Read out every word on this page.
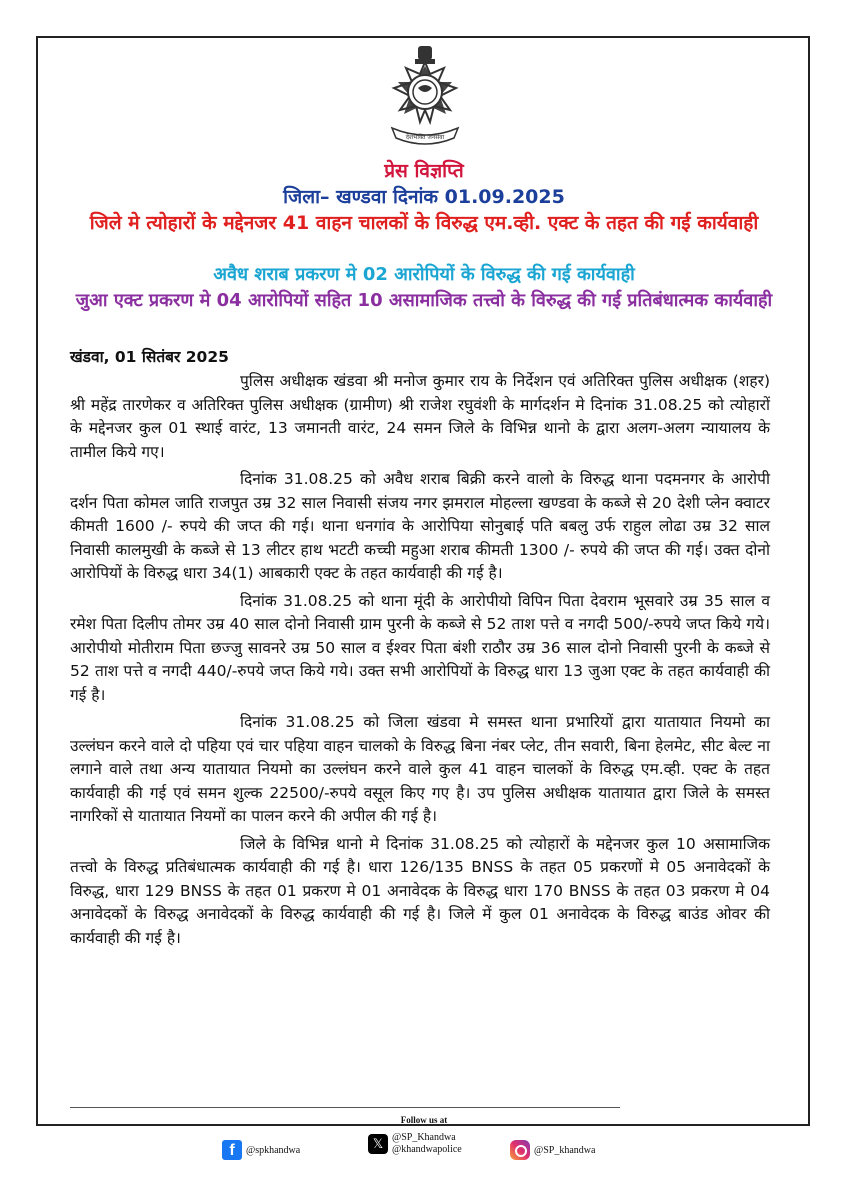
देशभक्ति जनसेवा
प्रेस विज्ञप्ति
जिला– खण्डवा दिनांक 01.09.2025
जिले मे त्योहारों के मद्देनजर 41 वाहन चालकों के विरुद्ध एम.व्ही. एक्ट के तहत की गई कार्यवाही
अवैध शराब प्रकरण मे 02 आरोपियों के विरुद्ध की गई कार्यवाही
जुआ एक्ट प्रकरण मे 04 आरोपियों सहित 10 असामाजिक तत्त्वो के विरुद्ध की गई प्रतिबंधात्मक कार्यवाही
खंडवा, 01 सितंबर 2025

पुलिस अधीक्षक खंडवा श्री मनोज कुमार राय के निर्देशन एवं अतिरिक्त पुलिस अधीक्षक (शहर) श्री महेंद्र तारणेकर व अतिरिक्त पुलिस अधीक्षक (ग्रामीण) श्री राजेश रघुवंशी के मार्गदर्शन मे दिनांक 31.08.25 को त्योहारों के मद्देनजर कुल 01 स्थाई वारंट, 13 जमानती वारंट, 24 समन जिले के विभिन्न थानो के द्वारा अलग-अलग न्यायालय के तामील किये गए।

दिनांक 31.08.25 को अवैध शराब बिक्री करने वालो के विरुद्ध थाना पदमनगर के आरोपी दर्शन पिता कोमल जाति राजपुत उम्र 32 साल निवासी संजय नगर झमराल मोहल्ला खण्डवा के कब्जे से 20 देशी प्लेन क्वाटर कीमती 1600 /- रुपये की जप्त की गई। थाना धनगांव के आरोपिया सोनुबाई पति बबलु उर्फ राहुल लोढा उम्र 32 साल निवासी कालमुखी के कब्जे से 13 लीटर हाथ भटटी कच्ची महुआ शराब कीमती 1300 /- रुपये की जप्त की गई। उक्त दोनो आरोपियों के विरुद्ध धारा 34(1) आबकारी एक्ट के तहत कार्यवाही की गई है।

दिनांक 31.08.25 को थाना मूंदी के आरोपीयो विपिन पिता देवराम भूसवारे उम्र 35 साल व रमेश पिता दिलीप तोमर उम्र 40 साल दोनो निवासी ग्राम पुरनी के कब्जे से 52 ताश पत्ते व नगदी 500/-रुपये जप्त किये गये। आरोपीयो मोतीराम पिता छज्जु सावनरे उम्र 50 साल व ईश्वर पिता बंशी राठौर उम्र 36 साल दोनो निवासी पुरनी के कब्जे से 52 ताश पत्ते व नगदी 440/-रुपये जप्त किये गये। उक्त सभी आरोपियों के विरुद्ध धारा 13 जुआ एक्ट के तहत कार्यवाही की गई है।

दिनांक 31.08.25 को जिला खंडवा मे समस्त थाना प्रभारियों द्वारा यातायात नियमो का उल्लंघन करने वाले दो पहिया एवं चार पहिया वाहन चालको के विरुद्ध बिना नंबर प्लेट, तीन सवारी, बिना हेलमेट, सीट बेल्ट ना लगाने वाले तथा अन्य यातायात नियमो का उल्लंघन करने वाले कुल 41 वाहन चालकों के विरुद्ध एम.व्ही. एक्ट के तहत कार्यवाही की गई एवं समन शुल्क 22500/-रुपये वसूल किए गए है। उप पुलिस अधीक्षक यातायात द्वारा जिले के समस्त नागरिकों से यातायात नियमों का पालन करने की अपील की गई है।

जिले के विभिन्न थानो मे दिनांक 31.08.25 को त्योहारों के मद्देनजर कुल 10 असामाजिक तत्त्वो के विरुद्ध प्रतिबंधात्मक कार्यवाही की गई है। धारा 126/135 BNSS के तहत 05 प्रकरणों मे 05 अनावेदकों के विरुद्ध, धारा 129 BNSS के तहत 01 प्रकरण मे 01 अनावेदक के विरुद्ध धारा 170 BNSS के तहत 03 प्रकरण मे 04 अनावेदकों के विरुद्ध अनावेदकों के विरुद्ध कार्यवाही की गई है। जिले में कुल 01 अनावेदक के विरुद्ध बाउंड ओवर की कार्यवाही की गई है।

Follow us at
f	@spkhandwa	𝕏 @SP_Khandwa
@khandwapolice	@SP_khandwa
